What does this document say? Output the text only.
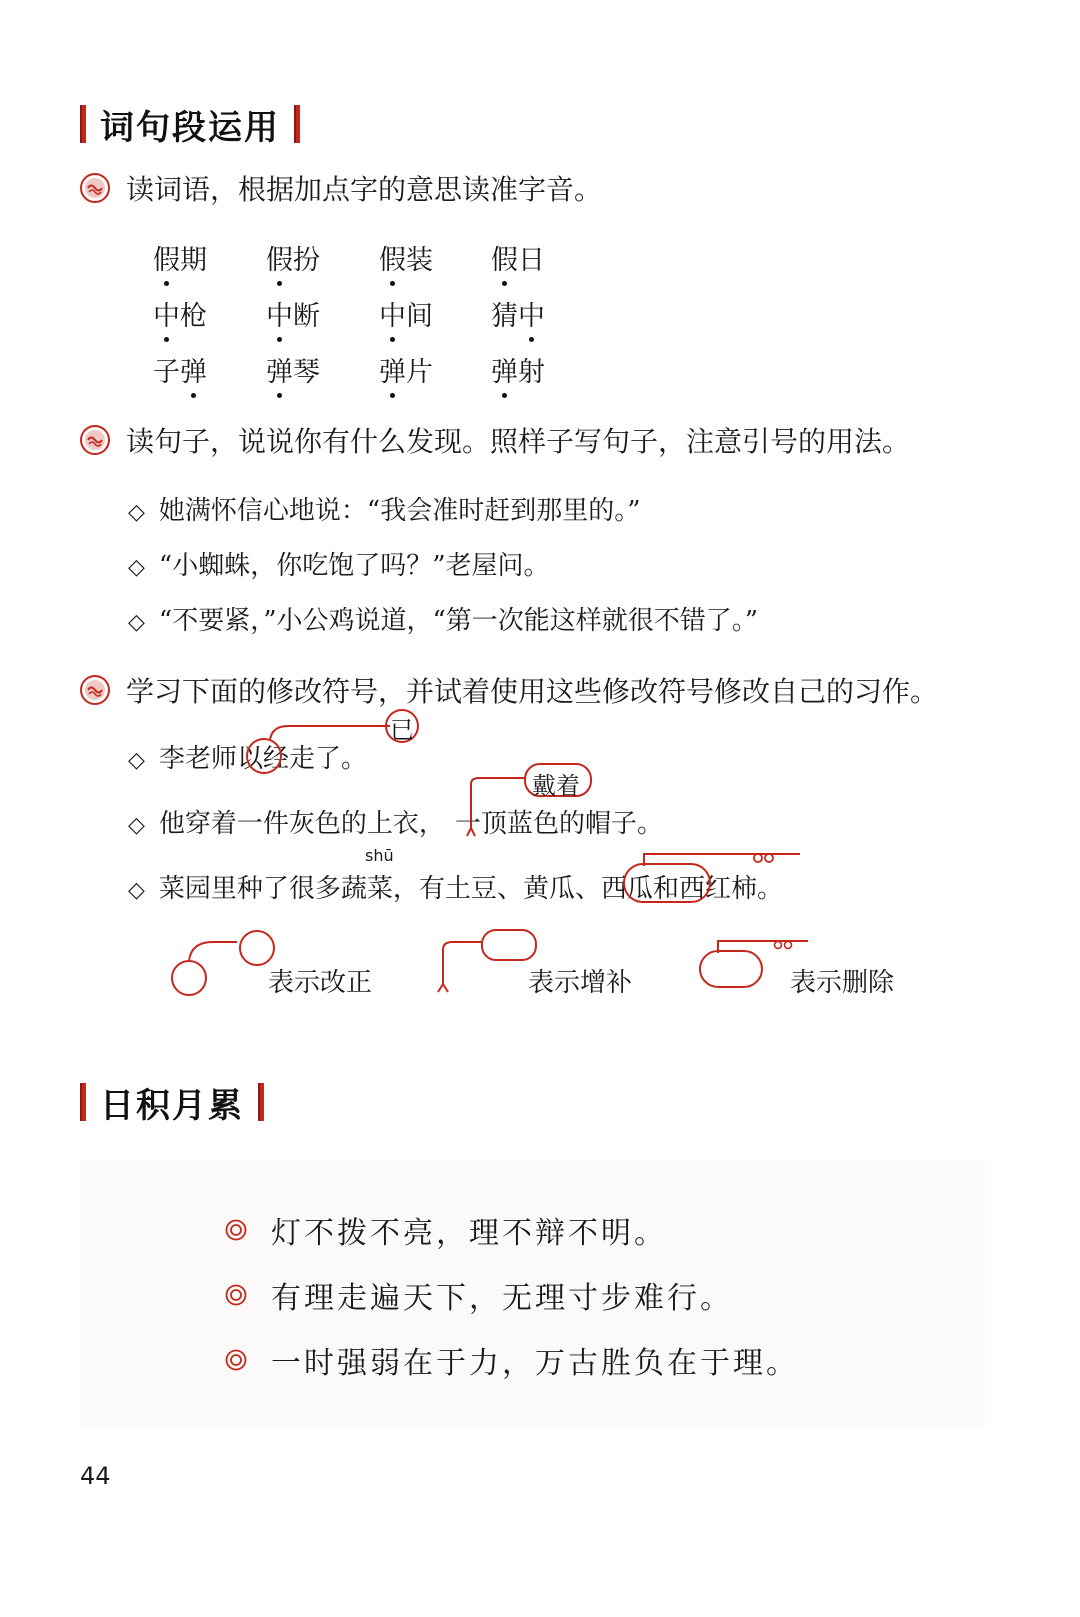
词句段运用
读词语，根据加点字的意思读准字音。
假期 假扮 假装 假日
中枪 中断 中间 猜中
子弹 弹琴 弹片 弹射
读句子，说说你有什么发现。照样子写句子，注意引号的用法。
◇ 她满怀信心地说：“我会准时赶到那里的。”
◇ “小蜘蛛，你吃饱了吗？”老屋问。
◇ “不要紧，”小公鸡说道，“第一次能这样就很不错了。”
学习下面的修改符号，并试着使用这些修改符号修改自己的习作。
◇ 李老师以经走了。
已
◇ 他穿着一件灰色的上衣， 一顶蓝色的帽子。
戴着
◇ 菜园里种了很多蔬菜，有土豆、黄瓜、西瓜和西红柿。
shū
表示改正	表示增补	表示删除
日积月累
灯不拨不亮，理不辩不明。
有理走遍天下，无理寸步难行。
一时强弱在于力，万古胜负在于理。
44
